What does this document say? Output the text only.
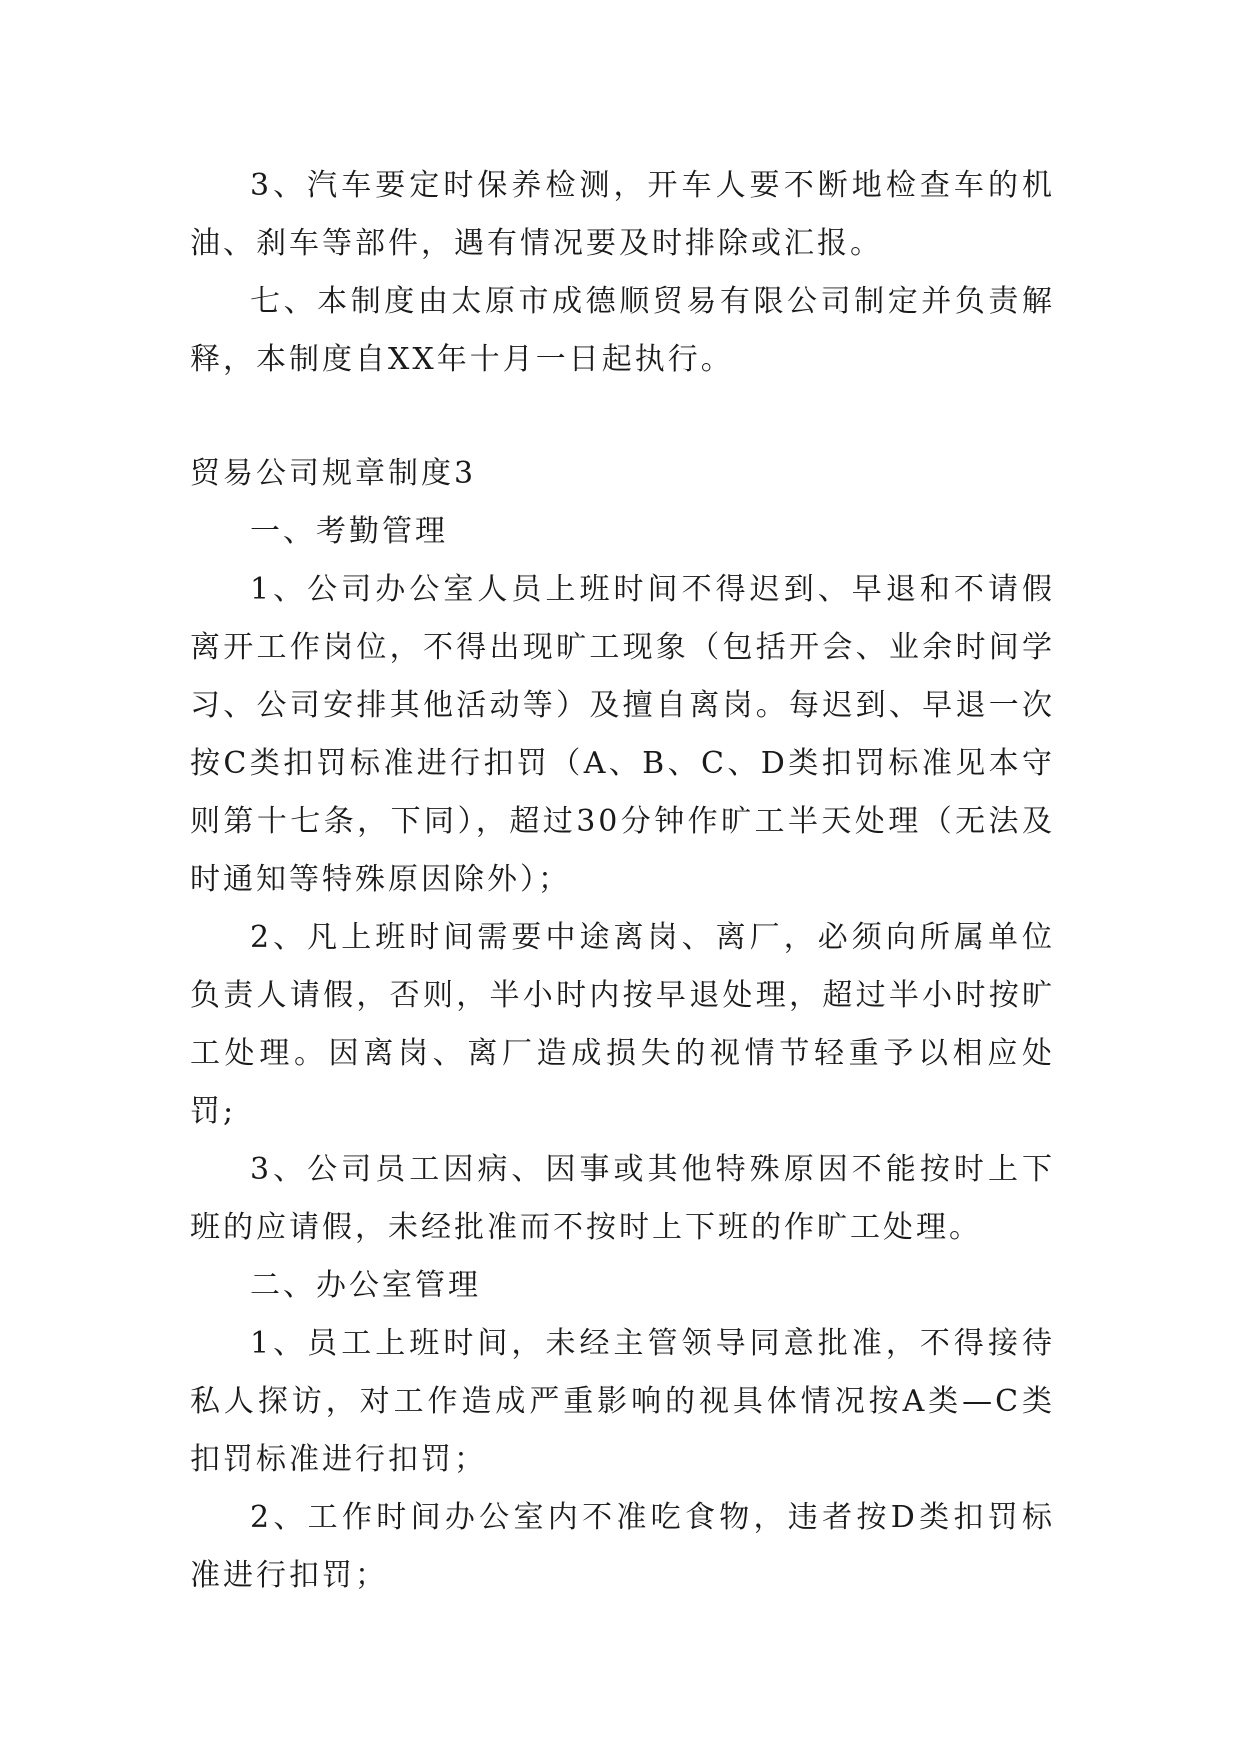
3、汽车要定时保养检测，开车人要不断地检查车的机油、刹车等部件，遇有情况要及时排除或汇报。

七、本制度由太原市成德顺贸易有限公司制定并负责解释，本制度自XX年十月一日起执行。

贸易公司规章制度3

一、考勤管理

1、公司办公室人员上班时间不得迟到、早退和不请假离开工作岗位，不得出现旷工现象（包括开会、业余时间学习、公司安排其他活动等）及擅自离岗。每迟到、早退一次按C类扣罚标准进行扣罚（A、B、C、D类扣罚标准见本守则第十七条，下同），超过30分钟作旷工半天处理（无法及时通知等特殊原因除外）；

2、凡上班时间需要中途离岗、离厂，必须向所属单位负责人请假，否则，半小时内按早退处理，超过半小时按旷工处理。因离岗、离厂造成损失的视情节轻重予以相应处罚;

3、公司员工因病、因事或其他特殊原因不能按时上下班的应请假，未经批准而不按时上下班的作旷工处理。

二、办公室管理

1、员工上班时间，未经主管领导同意批准，不得接待私人探访，对工作造成严重影响的视具体情况按A类—C类扣罚标准进行扣罚；

2、工作时间办公室内不准吃食物，违者按D类扣罚标准进行扣罚；
